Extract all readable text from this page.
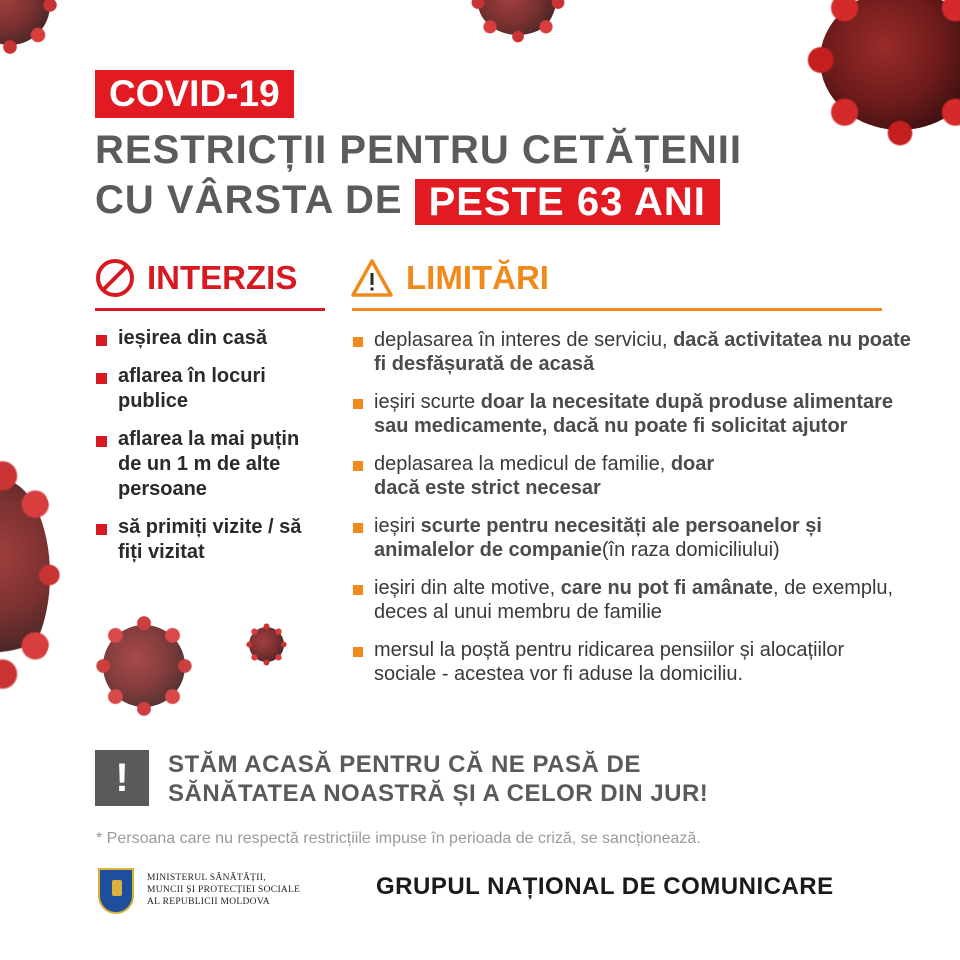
COVID-19
RESTRICȚII PENTRU CETĂȚENII
CU VÂRSTA DE PESTE 63 ANI
INTERZIS	LIMITĂRI
ieșirea din casă
aflarea în locuri publice
aflarea la mai puțin de un 1 m de alte persoane
să primiți vizite / să fiți vizitat
deplasarea în interes de serviciu, dacă activitatea nu poate fi desfășurată de acasă
ieșiri scurte doar la necesitate după produse alimentare sau medicamente, dacă nu poate fi solicitat ajutor
deplasarea la medicul de familie, doar dacă este strict necesar
ieșiri scurte pentru necesități ale persoanelor și animalelor de companie(în raza domiciliului)
ieșiri din alte motive, care nu pot fi amânate, de exemplu, deces al unui membru de familie
mersul la poștă pentru ridicarea pensiilor și alocațiilor sociale - acestea vor fi aduse la domiciliu.
!	STĂM ACASĂ PENTRU CĂ NE PASĂ DE
SĂNĂTATEA NOASTRĂ ȘI A CELOR DIN JUR!
* Persoana care nu respectă restricțiile impuse în perioada de criză, se sancționează.
MINISTERUL SĂNĂTĂȚII,
MUNCII ȘI PROTECȚIEI SOCIALE
AL REPUBLICII MOLDOVA
GRUPUL NAȚIONAL DE COMUNICARE
